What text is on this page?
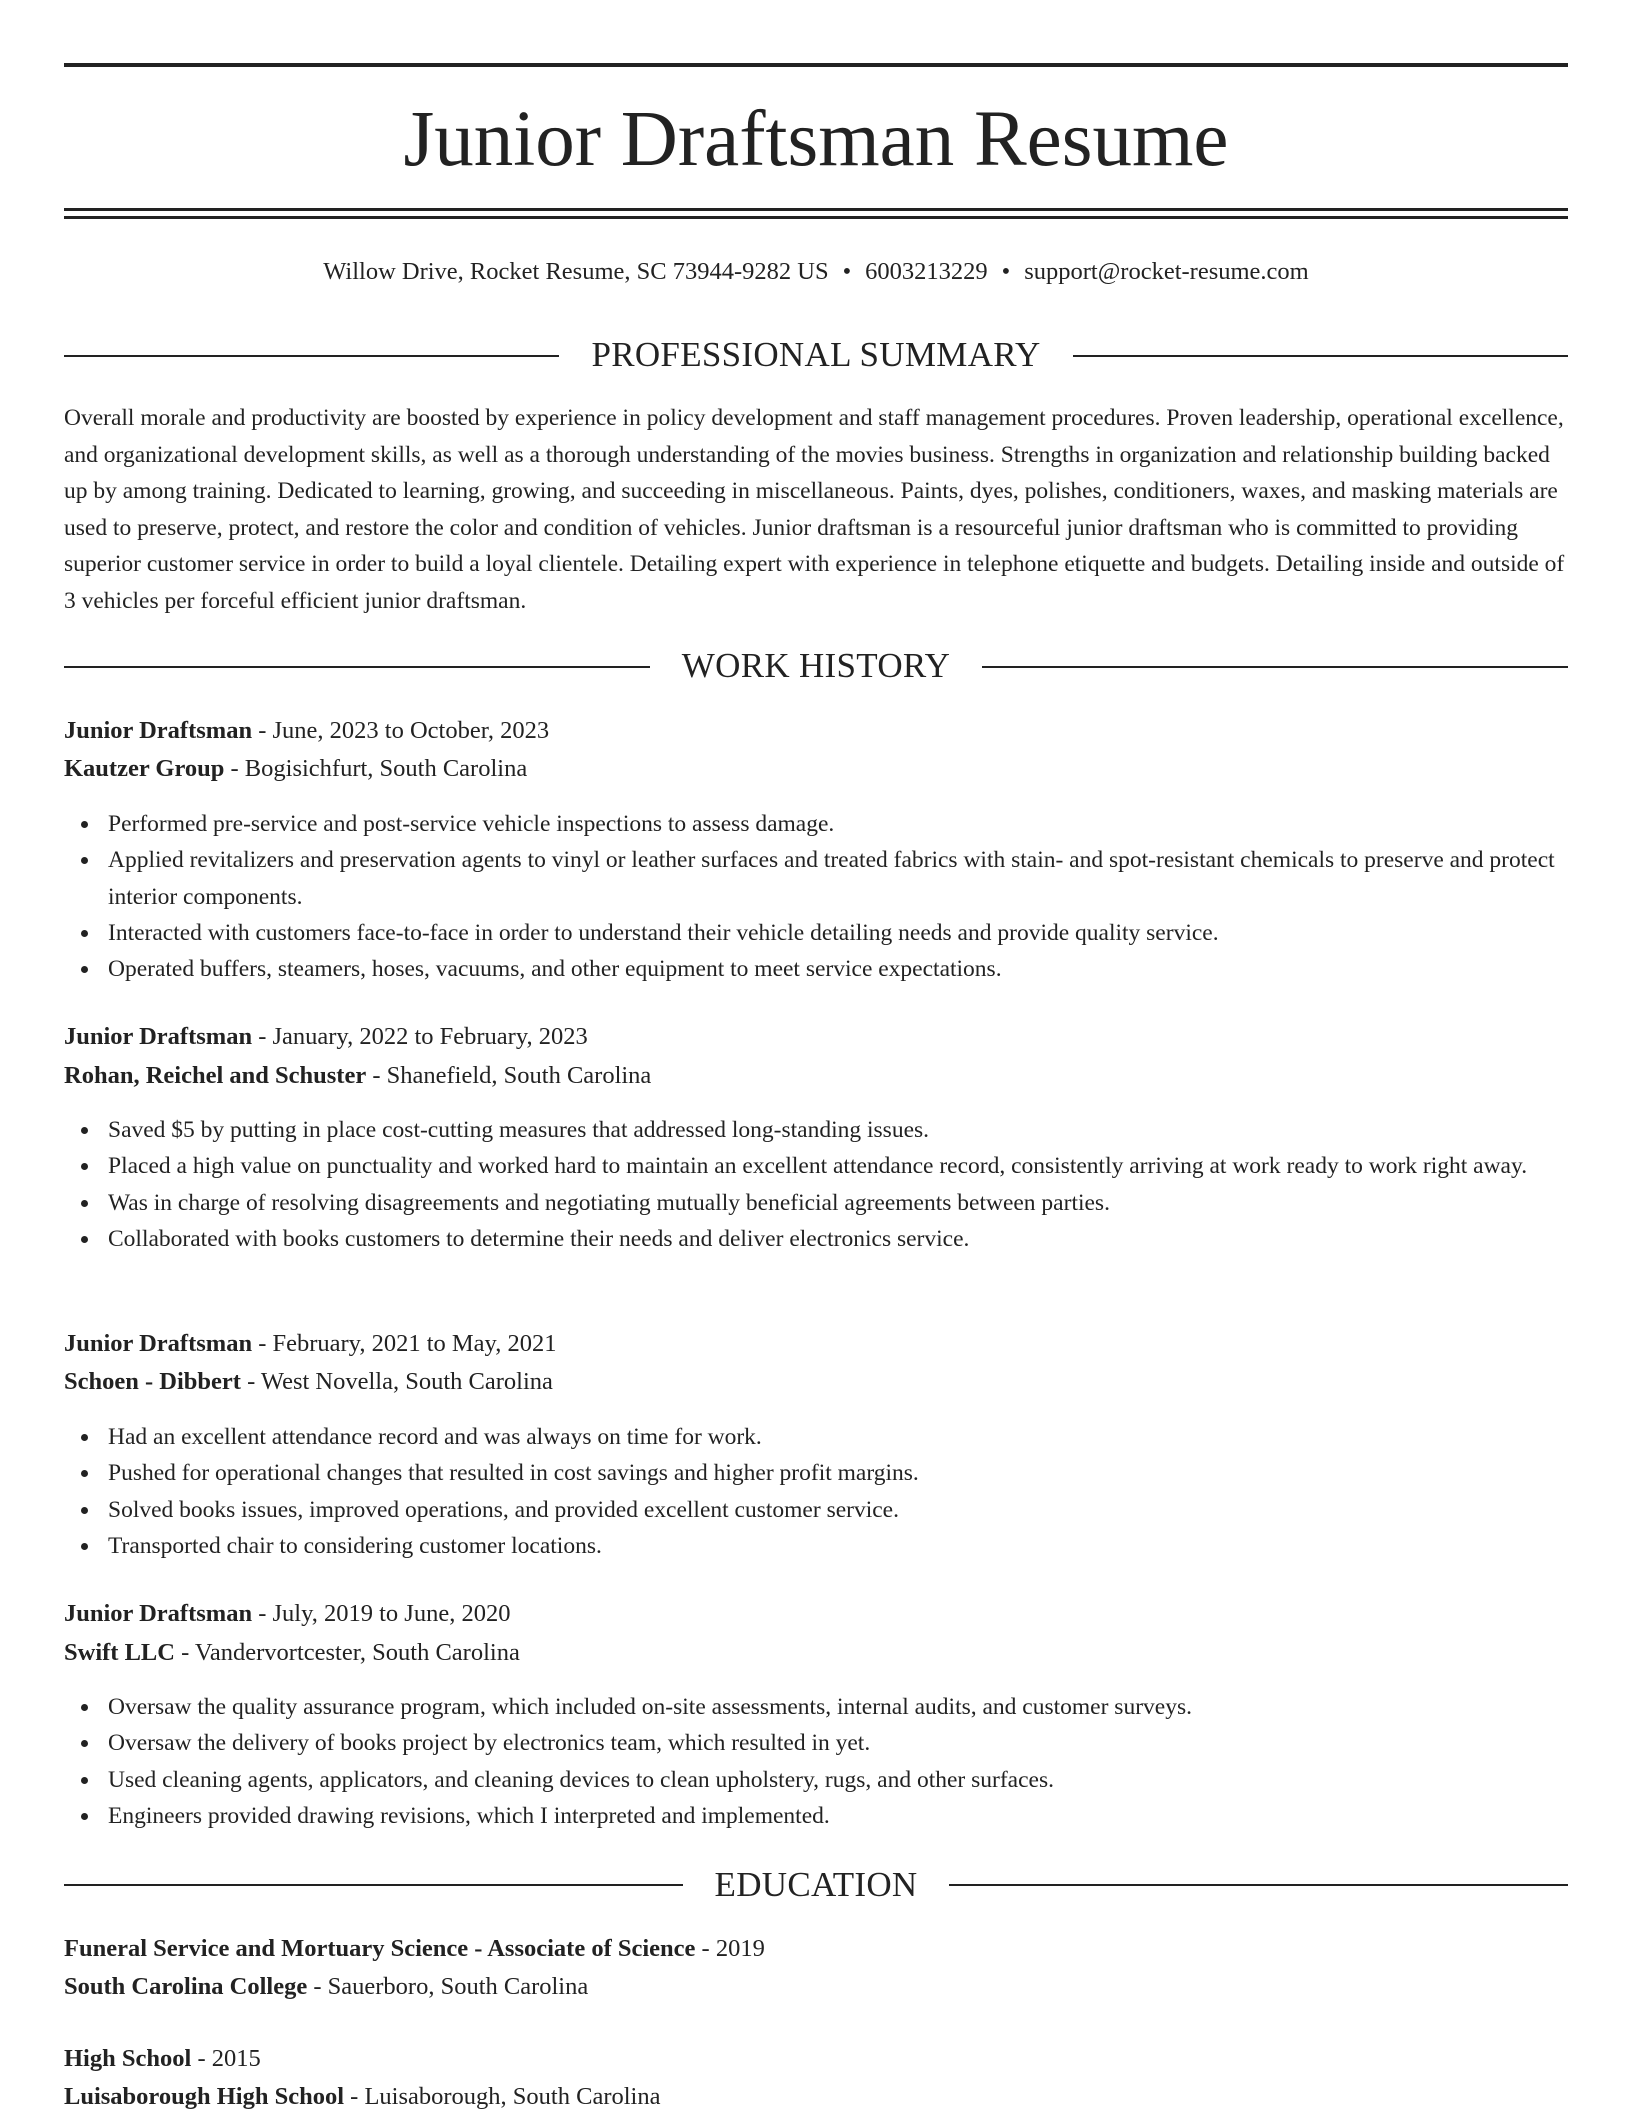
Junior Draftsman Resume
Willow Drive, Rocket Resume, SC 73944-9282 US • 6003213229 • support@rocket-resume.com
PROFESSIONAL SUMMARY
Overall morale and productivity are boosted by experience in policy development and staff management procedures. Proven leadership, operational excellence, and organizational development skills, as well as a thorough understanding of the movies business. Strengths in organization and relationship building backed up by among training. Dedicated to learning, growing, and succeeding in miscellaneous. Paints, dyes, polishes, conditioners, waxes, and masking materials are used to preserve, protect, and restore the color and condition of vehicles. Junior draftsman is a resourceful junior draftsman who is committed to providing superior customer service in order to build a loyal clientele. Detailing expert with experience in telephone etiquette and budgets. Detailing inside and outside of 3 vehicles per forceful efficient junior draftsman.
WORK HISTORY
Junior Draftsman - June, 2023 to October, 2023
Kautzer Group - Bogisichfurt, South Carolina
Performed pre-service and post-service vehicle inspections to assess damage.
Applied revitalizers and preservation agents to vinyl or leather surfaces and treated fabrics with stain- and spot-resistant chemicals to preserve and protect interior components.
Interacted with customers face-to-face in order to understand their vehicle detailing needs and provide quality service.
Operated buffers, steamers, hoses, vacuums, and other equipment to meet service expectations.
Junior Draftsman - January, 2022 to February, 2023
Rohan, Reichel and Schuster - Shanefield, South Carolina
Saved $5 by putting in place cost-cutting measures that addressed long-standing issues.
Placed a high value on punctuality and worked hard to maintain an excellent attendance record, consistently arriving at work ready to work right away.
Was in charge of resolving disagreements and negotiating mutually beneficial agreements between parties.
Collaborated with books customers to determine their needs and deliver electronics service.
Junior Draftsman - February, 2021 to May, 2021
Schoen - Dibbert - West Novella, South Carolina
Had an excellent attendance record and was always on time for work.
Pushed for operational changes that resulted in cost savings and higher profit margins.
Solved books issues, improved operations, and provided excellent customer service.
Transported chair to considering customer locations.
Junior Draftsman - July, 2019 to June, 2020
Swift LLC - Vandervortcester, South Carolina
Oversaw the quality assurance program, which included on-site assessments, internal audits, and customer surveys.
Oversaw the delivery of books project by electronics team, which resulted in yet.
Used cleaning agents, applicators, and cleaning devices to clean upholstery, rugs, and other surfaces.
Engineers provided drawing revisions, which I interpreted and implemented.
EDUCATION
Funeral Service and Mortuary Science - Associate of Science - 2019
South Carolina College - Sauerboro, South Carolina
High School - 2015
Luisaborough High School - Luisaborough, South Carolina
